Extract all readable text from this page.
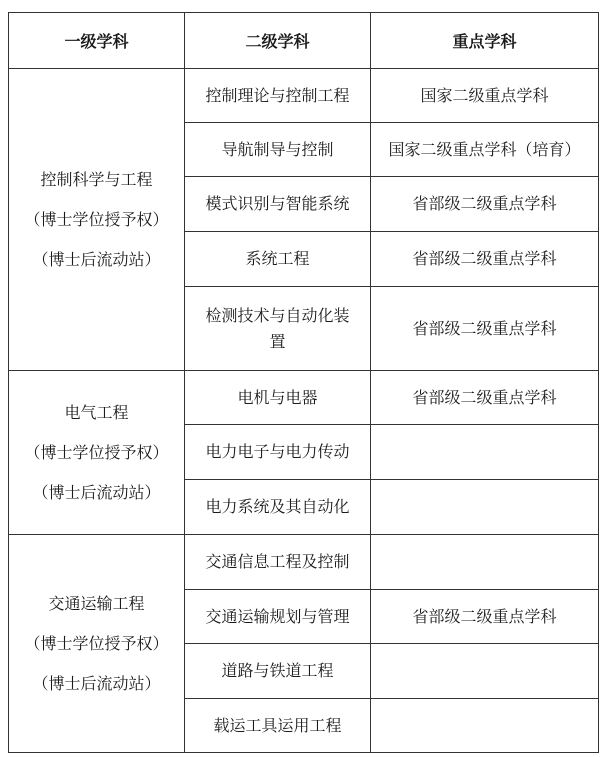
一级学科	二级学科	重点学科

控制科学与工程
（博士学位授予权）
（博士后流动站）	控制理论与控制工程	国家二级重点学科
	导航制导与控制	国家二级重点学科（培育）
	模式识别与智能系统	省部级二级重点学科
	系统工程	省部级二级重点学科
	检测技术与自动化装置	省部级二级重点学科

电气工程
（博士学位授予权）
（博士后流动站）	电机与电器	省部级二级重点学科
	电力电子与电力传动	
	电力系统及其自动化	

交通运输工程
（博士学位授予权）
（博士后流动站）	交通信息工程及控制	
	交通运输规划与管理	省部级二级重点学科
	道路与铁道工程	
	载运工具运用工程	
